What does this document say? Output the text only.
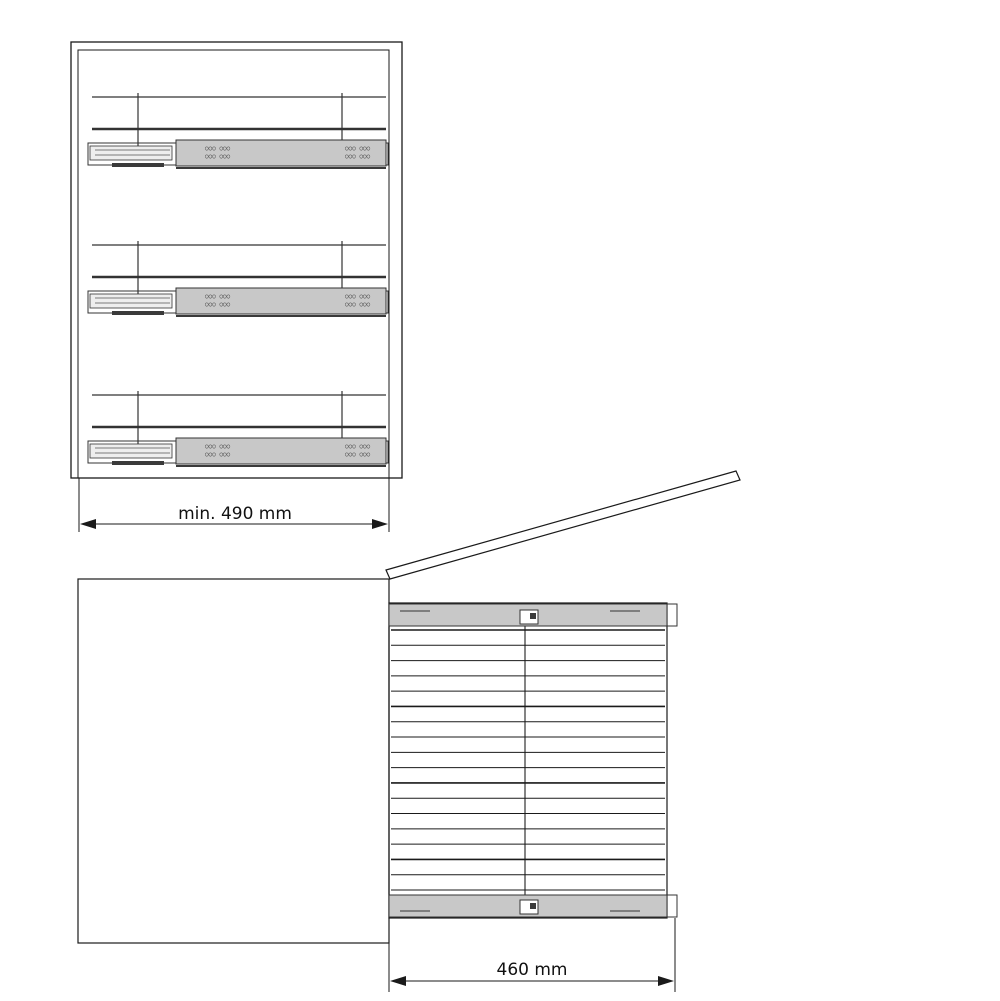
○○○ ○○○
○○○ ○○○
○○○ ○○○
○○○ ○○○
○○○ ○○○
○○○ ○○○
○○○ ○○○
○○○ ○○○
○○○ ○○○
○○○ ○○○
○○○ ○○○
○○○ ○○○
min. 490 mm
460 mm
